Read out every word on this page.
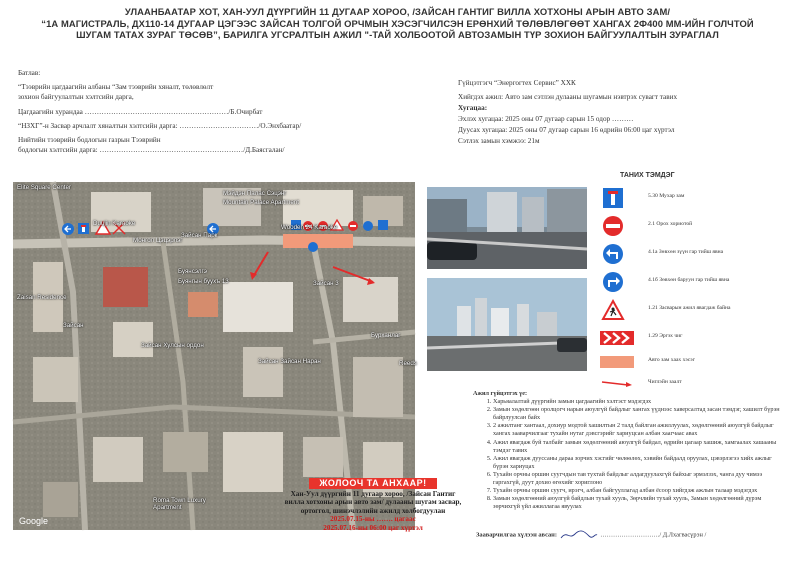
УЛААНБААТАР ХОТ, ХАН-УУЛ ДҮҮРГИЙН 11 ДУГААР ХОРОО, /ЗАЙСАН ГАНТИГ ВИЛЛА ХОТХОНЫ АРЫН АВТО ЗАМ/
“1А МАГИСТРАЛЬ, ДХ110-14 ДУГААР ЦЭГЭЭС ЗАЙСАН ТОЛГОЙ ОРЧМЫН ХЭСЭГЧИЛСЭН ЕРӨНХИЙ ТӨЛӨВЛӨГӨӨТ ХАНГАХ 2Ф400 ММ-ИЙН ГОЛЧТОЙ
ШУГАМ ТАТАХ ЗУРАГ ТӨСӨВ”, БАРИЛГА УГСРАЛТЫН АЖИЛ "-ТАЙ ХОЛБООТОЙ АВТОЗАМЫН ТҮР ЗОХИОН БАЙГУУЛАЛТЫН ЗУРАГЛАЛ
Батлав:
“Тээврийн цагдаагийн албаны “Зам тээврийн хяналт, төлөвлөлт
зохион байгуулалтын хэлтсийн дарга,
Цагдаагийн хурандаа ……………………………………………………/Б.Очирбат
“НЗХГ”-н Засвар арчлалт хяналтын хэлтсийн дарга: ……………………………/О.Энхбаатар/
Нийтийн тээврийн бодлогын газрын Тээврийн
бодлогын хэлтсийн дарга: ……………………………………………………/Д.Баясгалан/
Гүйцэтгэгч “Энергогтех Сервис” ХХК
Хийгдэх ажил: Авто зам сэтлэн дулааны шугамын нэвтрэх сувагт тавих
Хугацаа:
Эхлэх хугацаа: 2025 оны 07 дугаар сарын 15 одор ………
Дуусах хугацаа: 2025 оны 07 дугаар сарын 16 өдрийн 06:00 цаг хүртэл
Сэтлэх замын хэмжээ: 21м
Google
Elite Square Center
Duujin Karaoke
Монгол Цэцэрлэг
Мэйдэн Палас Сэцэнг
Mountain Palace Apartment
Wooden 24 Karaoke
Зайсан Парк
Буянсэлгэ
Буянгын буухъ 13	Зайсан 3
Zaisan Residence
Зайсан
Зайсан Хулсын ордон
Зайсан Зайсан Наран
Бурханлаг
Reeds
Roma Town Luxury Apartment
ТАНИХ ТЭМДЭГ
5.30 Мухар зам
2.1 Орох хориотой
4.1а Зөвхөн зүүн гар тийш явна
4.1б Зөвхөн баруун гар тийш явна
1.21 Засварын ажил явагдаж байна
1.29 Эргэх чиг
Авто зам хаах хэсэг
Чиглэйн заалт
Ажил гүйцэтгэх үе:
1. Харьяалалтай дүүргийн замын цагдаагийн хэлтэст мэдэгдэх
2. Замын хөдөлгөөн оролцогч нарын аюулгүй байдлыг хангах үүднээс хаверсалтад засан тэмдэг, хашилт бүрэн байрлуулсан байх
3. 2 ажилтанг хантаал, дохиур модтой хашилтын 2 талд байлган ажиллуулах, хөдөлгөөний аюулгүй байдлыг хангах зааварчилгааг тухайн нутаг дэвсгэрийг хариуцсан албан хаагчаас авах
4. Ажил явагдаж буй талбайг замын хөдөлгөөний аюулгүй байдал, өдрийн цагаар хашиж, хамгаалах хашааны тэмдэг тавих
5. Ажил явагдаж дууссаны дараа зорчих хэсгийг чөлөөлөх, хэвийн байдалд оруулах, цэвэрлэгээ хийх ажлыг бүрэн хариуцах
6. Тухайн орчны оршин суугчдын тав тухтай байдлыг алдагдуулахгүй байхыг эрмэлзэх, чанга дуу чимээ гаргахгүй, дуут дохио өгөхийг хориглоно
7. Тухайн орчны оршин суугч, ирэгч, албан байгууллагад албан ёсоор хийгдэж ажлын талаар мэдэгдэх
8. Замын хөдөлгөөний аюулгүй байдлын тухай хууль, Зөрчлийн тухай хууль, Замын хөдөлгөөний дүрэм зөрчихгүй үйл ажиллагаа явуулах
Зааварчилгаа хүлээн авсан:	………………………./ Д.Лхагвасүрэн /
ЖОЛООЧ ТА АНХААР!
Хан-Уул дүүргийн 11 дугаар хороо, /Зайсан Гантиг вилла хотхоны арын авто зам/ дулааны шугам засвар, ортоггол, шинэчлэлийн ажилд холбогдуулан
2025.07.15-ны ……. цагаас
2025.07.16-ны 06:00 цаг хүртэл
